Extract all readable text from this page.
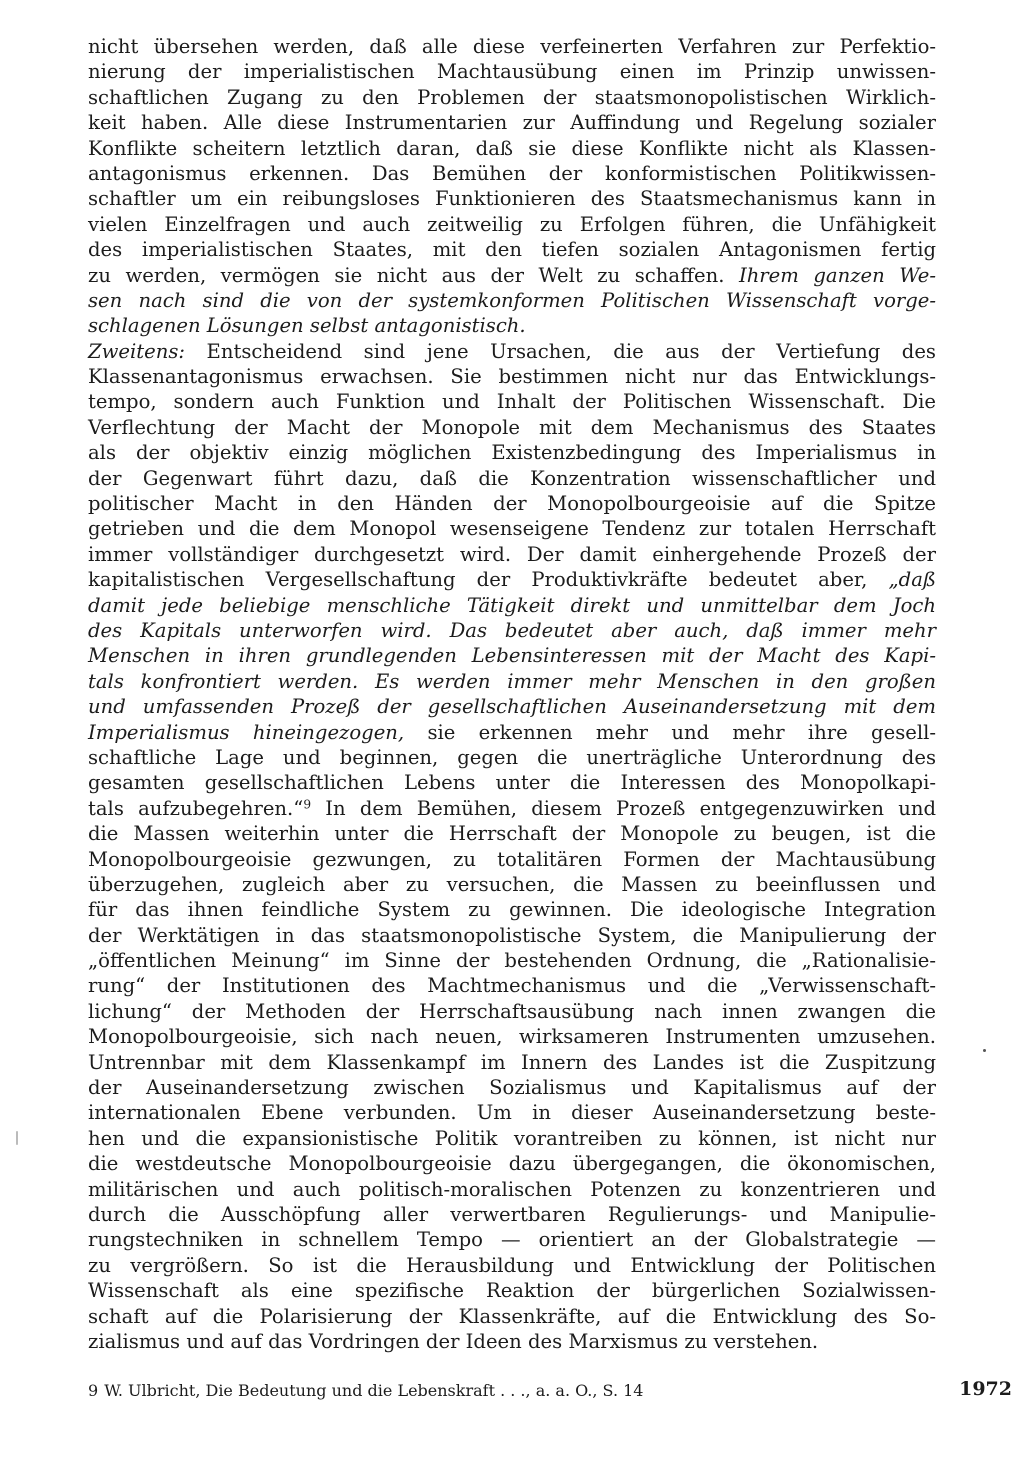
nicht übersehen werden, daß alle diese verfeinerten Verfahren zur Perfektio-
nierung der imperialistischen Machtausübung einen im Prinzip unwissen-
schaftlichen Zugang zu den Problemen der staatsmonopolistischen Wirklich-
keit haben. Alle diese Instrumentarien zur Auffindung und Regelung sozialer
Konflikte scheitern letztlich daran, daß sie diese Konflikte nicht als Klassen-
antagonismus erkennen. Das Bemühen der konformistischen Politikwissen-
schaftler um ein reibungsloses Funktionieren des Staatsmechanismus kann in
vielen Einzelfragen und auch zeitweilig zu Erfolgen führen, die Unfähigkeit
des imperialistischen Staates, mit den tiefen sozialen Antagonismen fertig
zu werden, vermögen sie nicht aus der Welt zu schaffen. Ihrem ganzen We-
sen nach sind die von der systemkonformen Politischen Wissenschaft vorge-
schlagenen Lösungen selbst antagonistisch.
Zweitens: Entscheidend sind jene Ursachen, die aus der Vertiefung des
Klassenantagonismus erwachsen. Sie bestimmen nicht nur das Entwicklungs-
tempo, sondern auch Funktion und Inhalt der Politischen Wissenschaft. Die
Verflechtung der Macht der Monopole mit dem Mechanismus des Staates
als der objektiv einzig möglichen Existenzbedingung des Imperialismus in
der Gegenwart führt dazu, daß die Konzentration wissenschaftlicher und
politischer Macht in den Händen der Monopolbourgeoisie auf die Spitze
getrieben und die dem Monopol wesenseigene Tendenz zur totalen Herrschaft
immer vollständiger durchgesetzt wird. Der damit einhergehende Prozeß der
kapitalistischen Vergesellschaftung der Produktivkräfte bedeutet aber, „daß
damit jede beliebige menschliche Tätigkeit direkt und unmittelbar dem Joch
des Kapitals unterworfen wird. Das bedeutet aber auch, daß immer mehr
Menschen in ihren grundlegenden Lebensinteressen mit der Macht des Kapi-
tals konfrontiert werden. Es werden immer mehr Menschen in den großen
und umfassenden Prozeß der gesellschaftlichen Auseinandersetzung mit dem
Imperialismus hineingezogen, sie erkennen mehr und mehr ihre gesell-
schaftliche Lage und beginnen, gegen die unerträgliche Unterordnung des
gesamten gesellschaftlichen Lebens unter die Interessen des Monopolkapi-
tals aufzubegehren.“$^9$ In dem Bemühen, diesem Prozeß entgegenzuwirken und
die Massen weiterhin unter die Herrschaft der Monopole zu beugen, ist die
Monopolbourgeoisie gezwungen, zu totalitären Formen der Machtausübung
überzugehen, zugleich aber zu versuchen, die Massen zu beeinflussen und
für das ihnen feindliche System zu gewinnen. Die ideologische Integration
der Werktätigen in das staatsmonopolistische System, die Manipulierung der
„öffentlichen Meinung“ im Sinne der bestehenden Ordnung, die „Rationalisie-
rung“ der Institutionen des Machtmechanismus und die „Verwissenschaft-
lichung“ der Methoden der Herrschaftsausübung nach innen zwangen die
Monopolbourgeoisie, sich nach neuen, wirksameren Instrumenten umzusehen.
Untrennbar mit dem Klassenkampf im Innern des Landes ist die Zuspitzung
der Auseinandersetzung zwischen Sozialismus und Kapitalismus auf der
internationalen Ebene verbunden. Um in dieser Auseinandersetzung beste-
hen und die expansionistische Politik vorantreiben zu können, ist nicht nur
die westdeutsche Monopolbourgeoisie dazu übergegangen, die ökonomischen,
militärischen und auch politisch-moralischen Potenzen zu konzentrieren und
durch die Ausschöpfung aller verwertbaren Regulierungs- und Manipulie-
rungstechniken in schnellem Tempo — orientiert an der Globalstrategie —
zu vergrößern. So ist die Herausbildung und Entwicklung der Politischen
Wissenschaft als eine spezifische Reaktion der bürgerlichen Sozialwissen-
schaft auf die Polarisierung der Klassenkräfte, auf die Entwicklung des So-
zialismus und auf das Vordringen der Ideen des Marxismus zu verstehen.
9 W. Ulbricht, Die Bedeutung und die Lebenskraft . . ., a. a. O., S. 14	1972
